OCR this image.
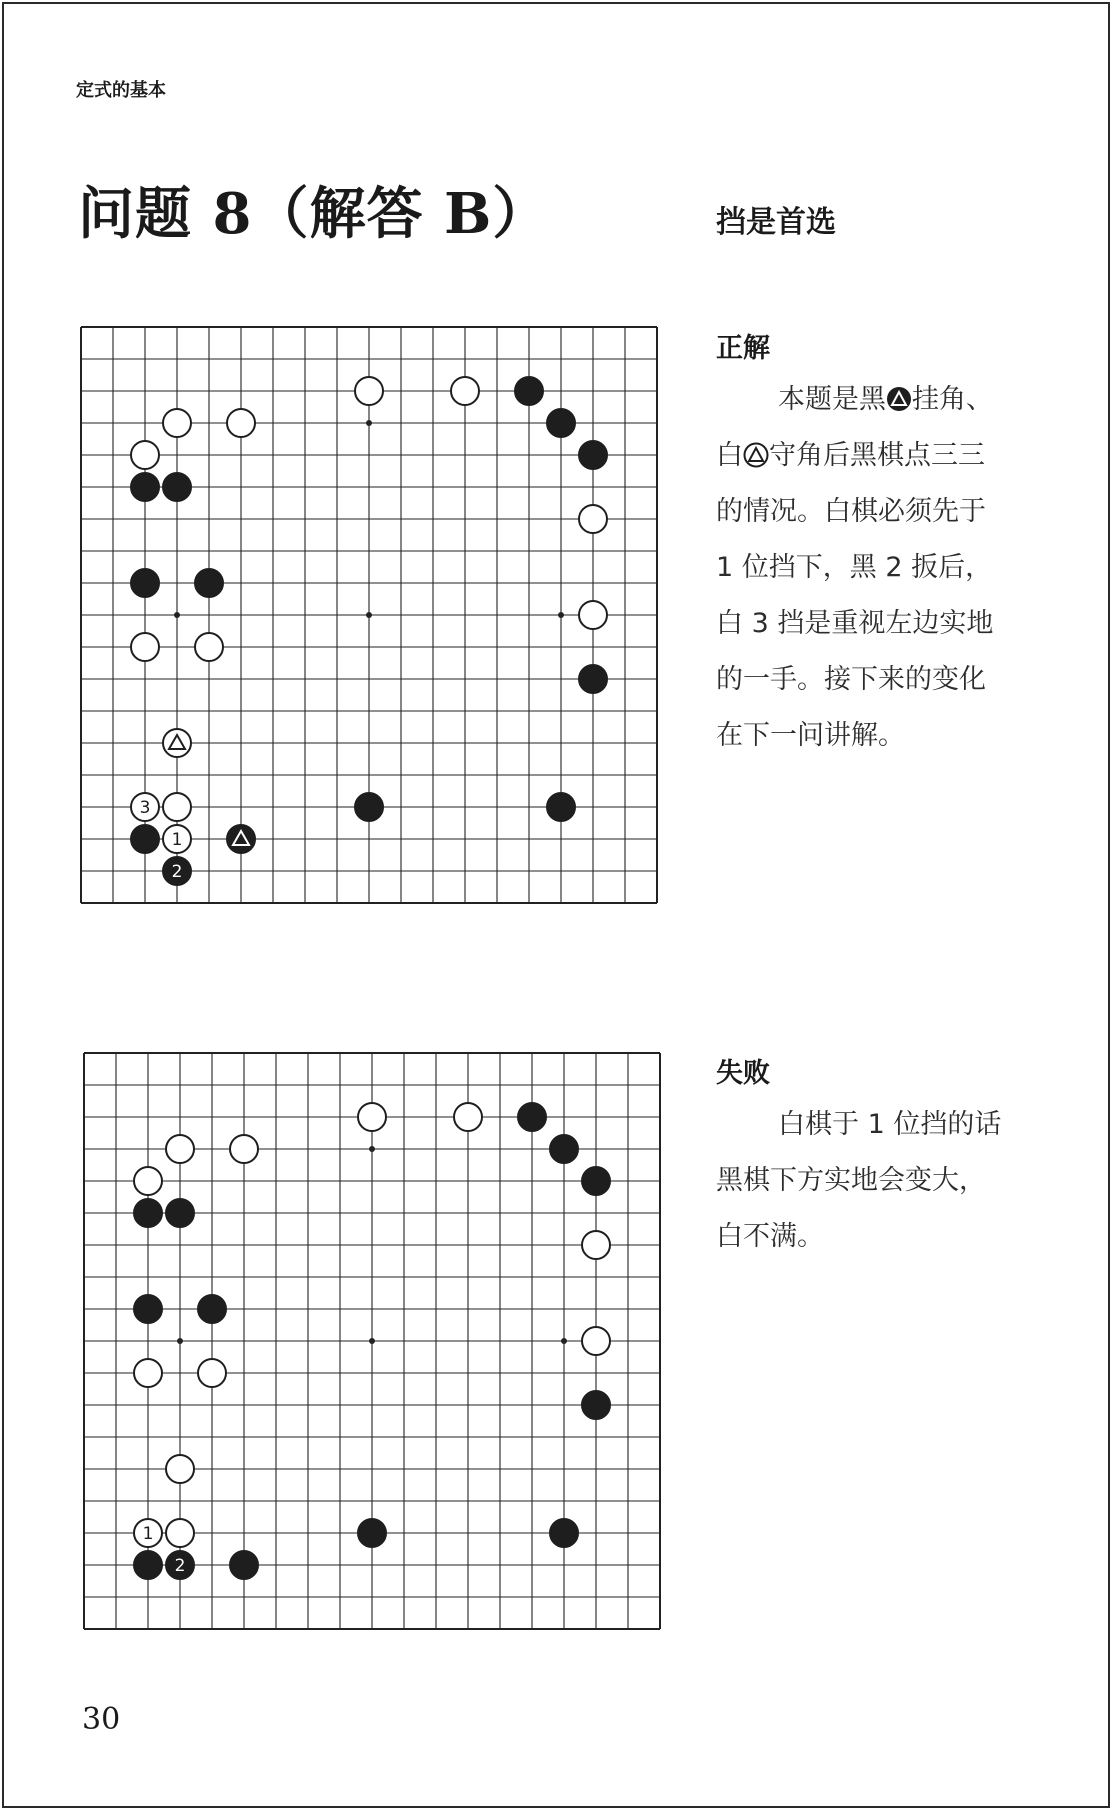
定式的基本
问题 8（解答 B）	挡是首选
3
1
2
正解
本题是黑 挂角、
白 守角后黑棋点三三
的情况。白棋必须先于
1 位挡下，黑 2 扳后，
白 3 挡是重视左边实地
的一手。接下来的变化
在下一问讲解。
1
2
失败
白棋于 1 位挡的话
黑棋下方实地会变大，
白不满。
30
